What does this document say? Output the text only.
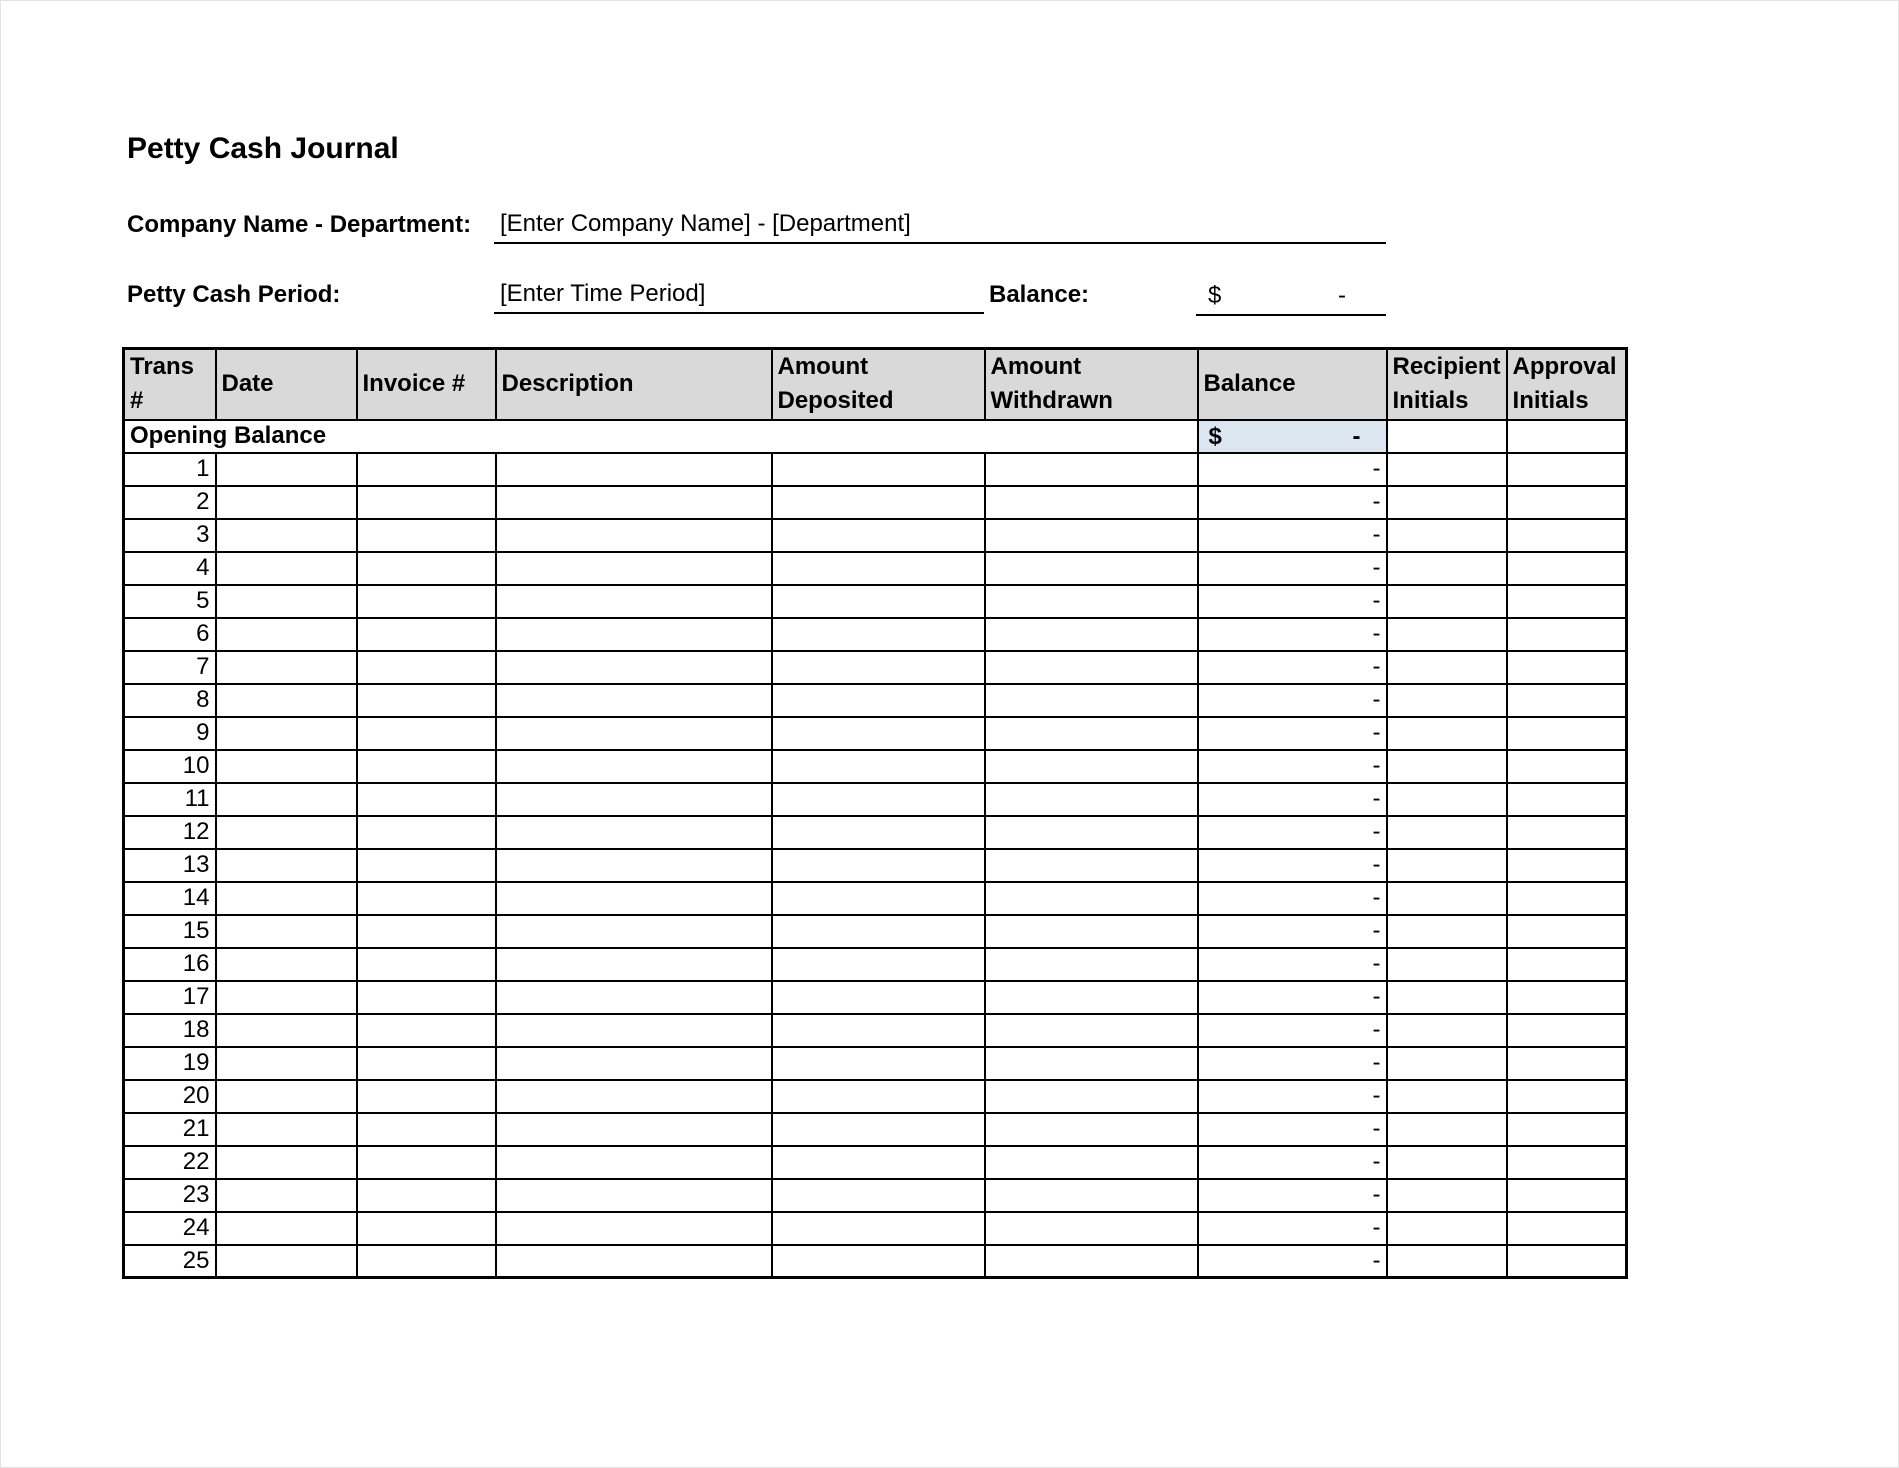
Petty Cash Journal
Company Name - Department: [Enter Company Name] - [Department]
Petty Cash Period:	[Enter Time Period]	Balance:	$	-
Trans #	Date	Invoice #	Description	Amount Deposited	Amount Withdrawn	Balance	Recipient Initials	Approval Initials
Opening Balance						$ -		

1						-		
2						-		
3						-		
4						-		
5						-		
6						-		
7						-		
8						-		
9						-		
10						-		
11						-		
12						-		
13						-		
14						-		
15						-		
16						-		
17						-		
18						-		
19						-		
20						-		
21						-		
22						-		
23						-		
24						-		
25						-		
